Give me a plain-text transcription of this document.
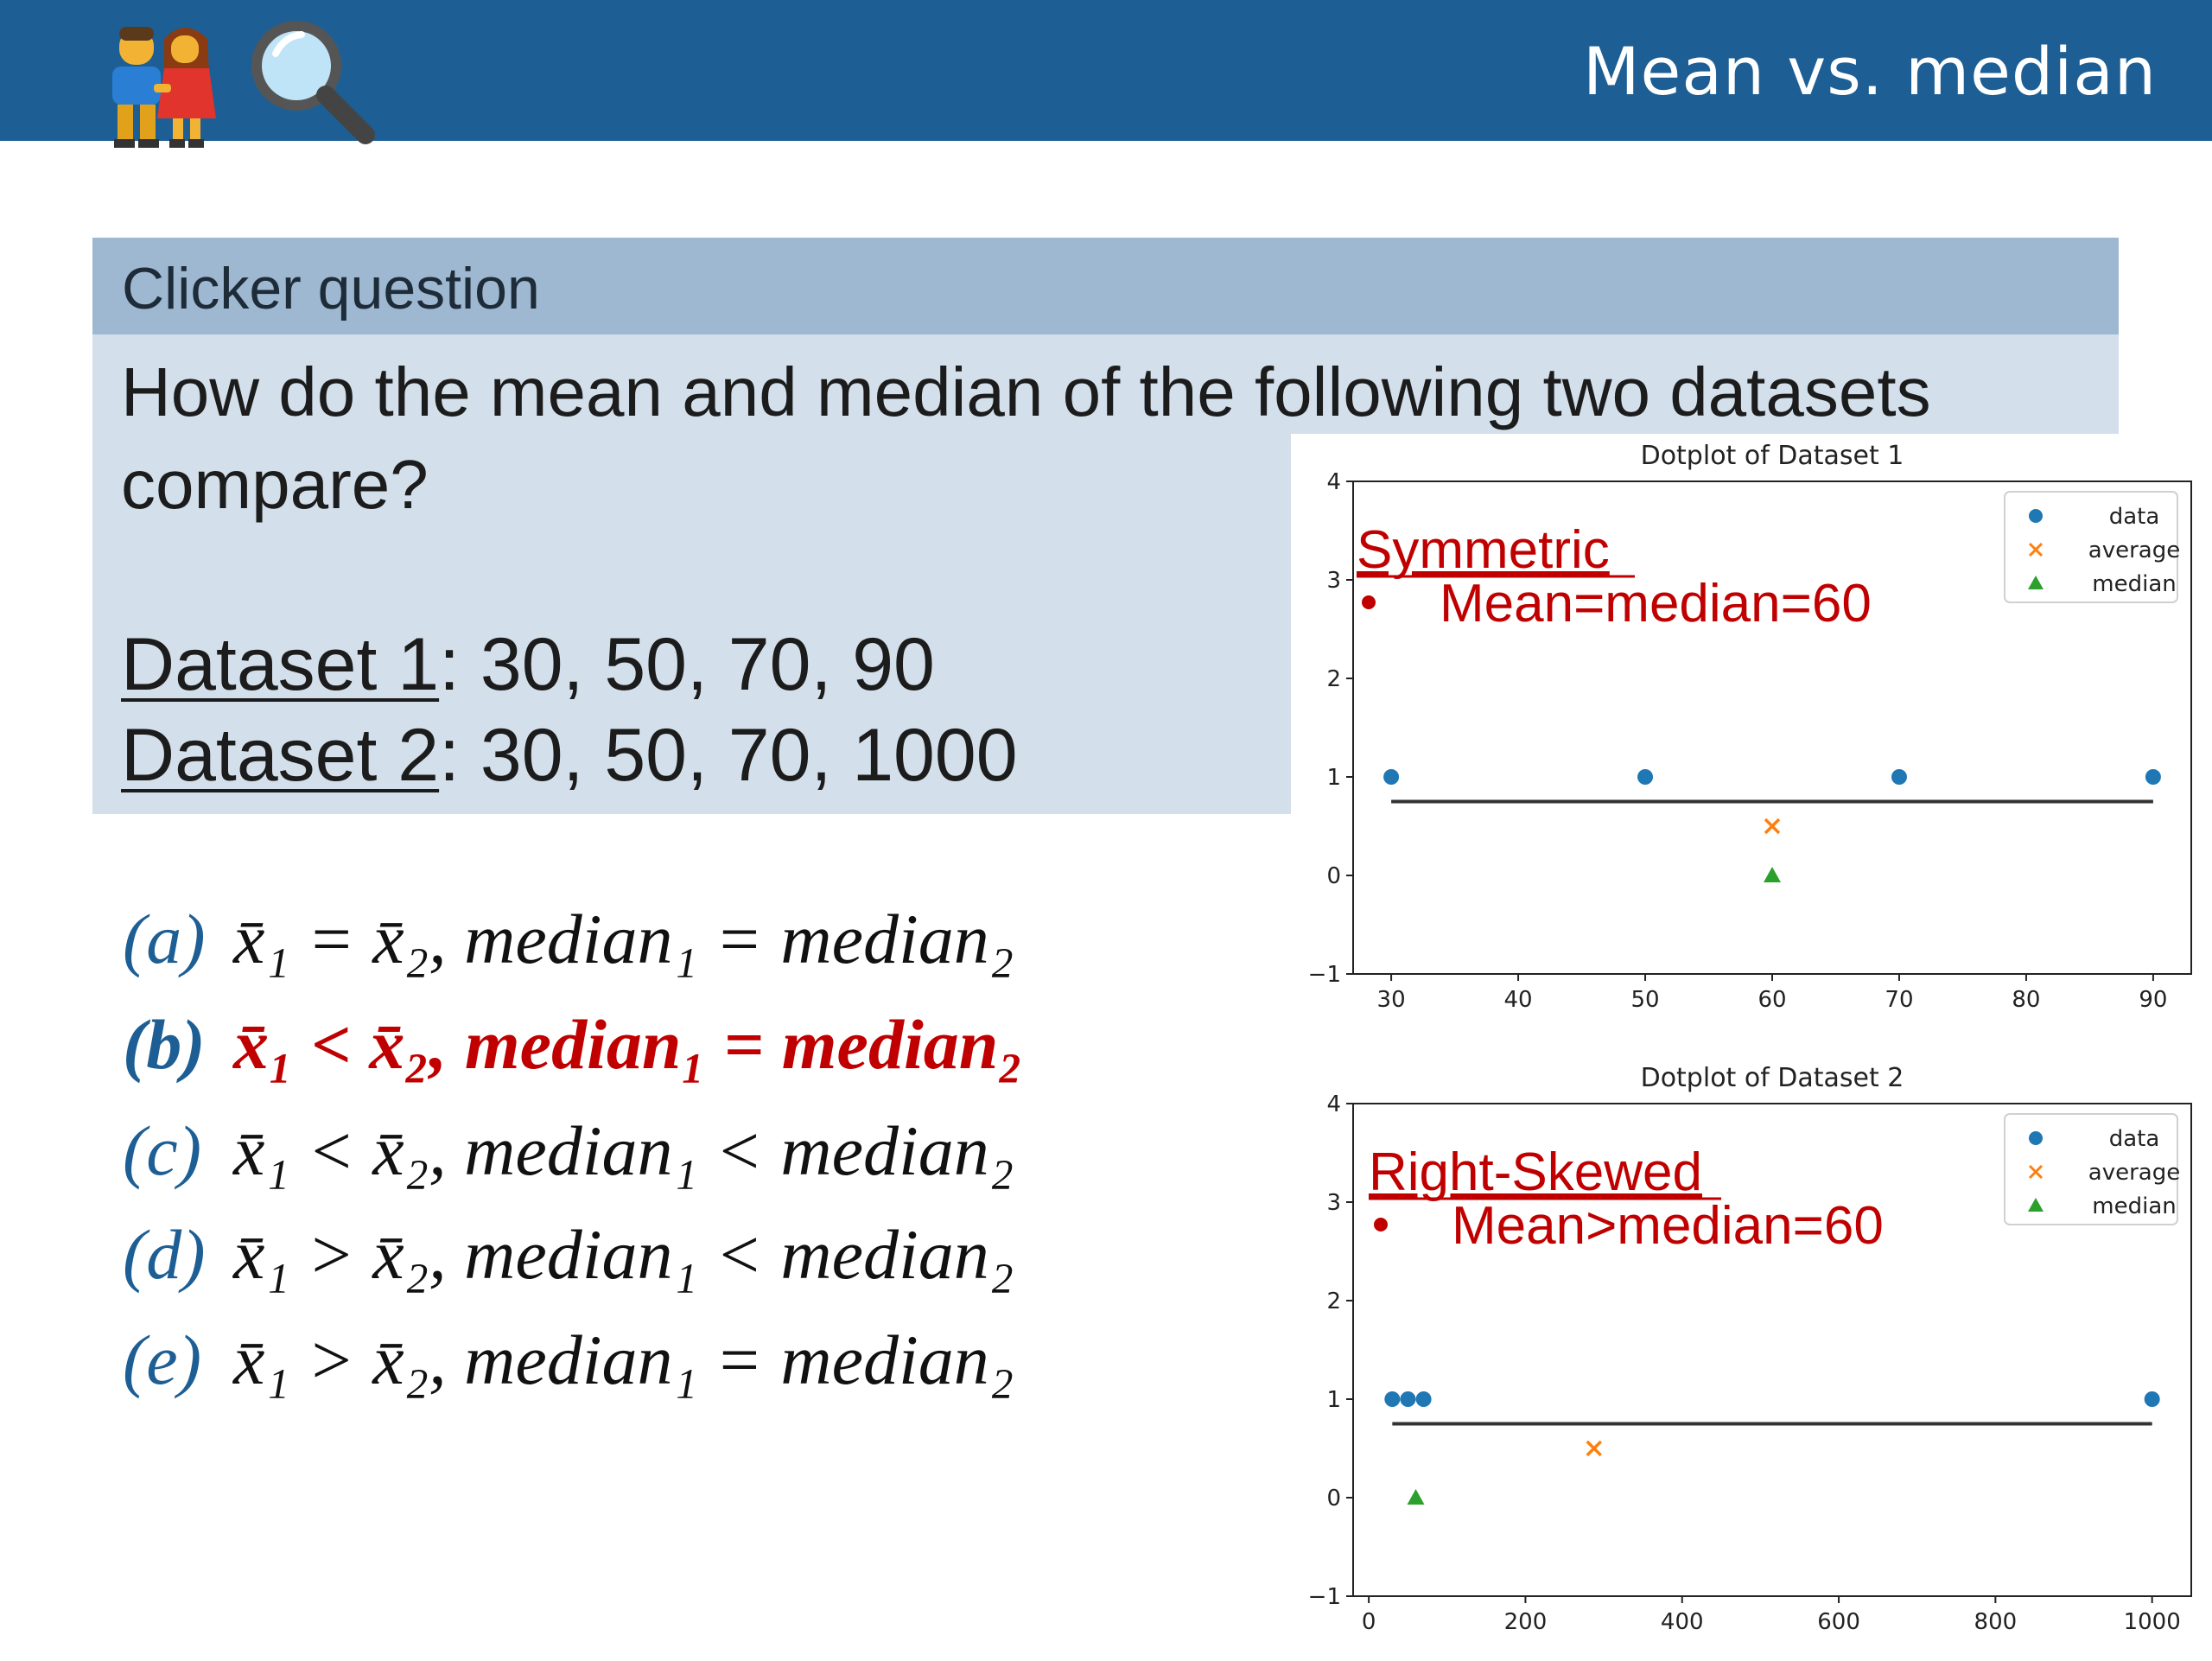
Mean vs. median
Clicker question
How do the mean and median of the following two datasets
compare?
Dataset 1: 30, 50, 70, 90
Dataset 2: 30, 50, 70, 1000
(a) x̄₁ = x̄₂, median₁ = median₂
(b) x̄₁ < x̄₂, median₁ = median₂
(c) x̄₁ < x̄₂, median₁ < median₂
(d) x̄₁ > x̄₂, median₁ < median₂
(e) x̄₁ > x̄₂, median₁ = median₂
Dotplot of Dataset 1
30	40	50	60	70	80	90
−1
0
1
2
3
4
data
average
median
Symmetric
Mean=median=60
Dotplot of Dataset 2
0	200	400	600	800	1000
−1
0
1
2
3
4
data
average
median
Right-Skewed
Mean>median=60
